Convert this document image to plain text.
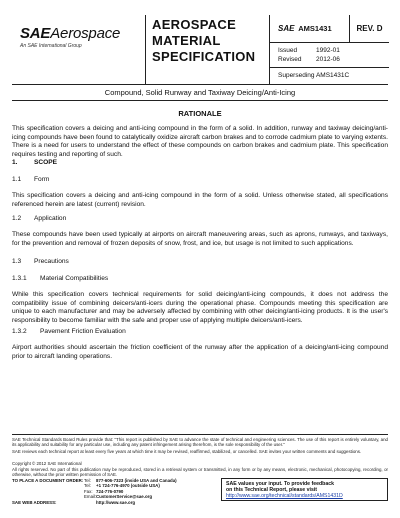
SAEAerospace
An SAE International Group
AEROSPACE
MATERIAL
SPECIFICATION
SAE AMS1431	REV. D
Issued	1992-01
Revised 2012-06
Superseding AMS1431C
Compound, Solid Runway and Taxiway Deicing/Anti-Icing
RATIONALE

This specification covers a deicing and anti-icing compound in the form of a solid. In addition, runway and taxiway deicing/anti-icing compounds have been found to catalytically oxidize aircraft carbon brakes and to corrode cadmium plate to varying extents. There is a need for users to understand the effect of these compounds on carbon brakes and cadmium plate. This specification requires testing and reporting of such.

1.	SCOPE
1.1 Form

This specification covers a deicing and anti-icing compound in the form of a solid. Unless otherwise stated, all specifications referenced herein are latest (current) revision.

1.2 Application

These compounds have been used typically at airports on aircraft maneuvering areas, such as aprons, runways, and taxiways, for the prevention and removal of frozen deposits of snow, frost, and ice, but usage is not limited to such applications.

1.3 Precautions
1.3.1 Material Compatibilities

While this specification covers technical requirements for solid deicing/anti-icing compounds, it does not address the compatibility issue of combining deicers/anti-icers during the operational phase. Compounds meeting this specification are unique to each manufacturer and may be adversely affected by combining with other deicing/anti-icing products. It is the user's responsibility to become familiar with the safe and proper use of applying multiple deicers/anti-icers.

1.3.2 Pavement Friction Evaluation

Airport authorities should ascertain the friction coefficient of the runway after the application of a deicing/anti-icing compound prior to aircraft landing operations.

SAE Technical Standards Board Rules provide that: "This report is published by SAE to advance the state of technical and engineering sciences. The use of this report is entirely voluntary, and its applicability and suitability for any particular use, including any patent infringement arising therefrom, is the sole responsibility of the user."
SAE reviews each technical report at least every five years at which time it may be revised, reaffirmed, stabilized, or cancelled. SAE invites your written comments and suggestions.
Copyright © 2012 SAE International
All rights reserved. No part of this publication may be reproduced, stored in a retrieval system or transmitted, in any form or by any means, electronic, mechanical, photocopying, recording, or otherwise, without the prior written permission of SAE.
TO PLACE A DOCUMENT ORDER: Tel: 877-606-7323 (inside USA and Canada)
Tel: +1 724-776-4970 (outside USA)
Fax: 724-776-0790
Email: CustomerService@sae.org
SAE WEB ADDRESS:	http://www.sae.org
SAE values your input. To provide feedback
on this Technical Report, please visit
http://www.sae.org/technical/standards/AMS1431D
